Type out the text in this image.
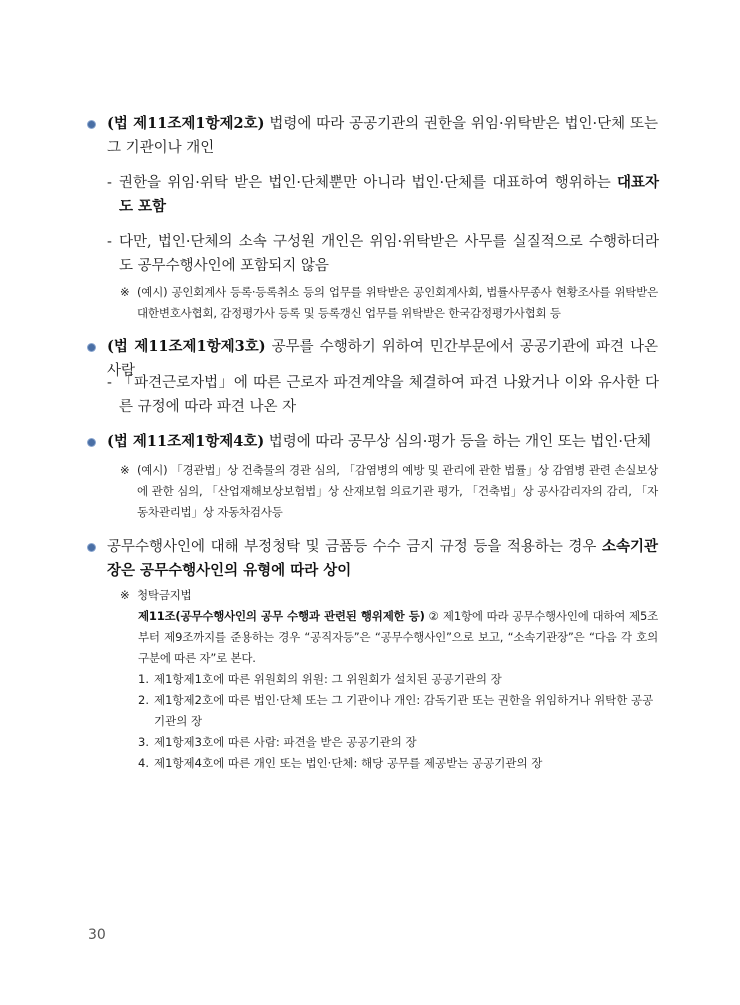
(법 제11조제1항제2호) 법령에 따라 공공기관의 권한을 위임·위탁받은 법인·단체 또는 그 기관이나 개인
- 권한을 위임·위탁 받은 법인·단체뿐만 아니라 법인·단체를 대표하여 행위하는 대표자도 포함
- 다만, 법인·단체의 소속 구성원 개인은 위임·위탁받은 사무를 실질적으로 수행하더라도 공무수행사인에 포함되지 않음
※ (예시) 공인회계사 등록·등록취소 등의 업무를 위탁받은 공인회계사회, 법률사무종사 현황조사를 위탁받은 대한변호사협회, 감정평가사 등록 및 등록갱신 업무를 위탁받은 한국감정평가사협회 등
(법 제11조제1항제3호) 공무를 수행하기 위하여 민간부문에서 공공기관에 파견 나온 사람
- 「파견근로자법」에 따른 근로자 파견계약을 체결하여 파견 나왔거나 이와 유사한 다른 규정에 따라 파견 나온 자
(법 제11조제1항제4호) 법령에 따라 공무상 심의·평가 등을 하는 개인 또는 법인·단체
※ (예시) 「경관법」상 건축물의 경관 심의, 「감염병의 예방 및 관리에 관한 법률」상 감염병 관련 손실보상에 관한 심의, 「산업재해보상보험법」상 산재보험 의료기관 평가, 「건축법」상 공사감리자의 감리, 「자동차관리법」상 자동차검사등
공무수행사인에 대해 부정청탁 및 금품등 수수 금지 규정 등을 적용하는 경우 소속기관장은 공무수행사인의 유형에 따라 상이
※ 청탁금지법
제11조(공무수행사인의 공무 수행과 관련된 행위제한 등) ② 제1항에 따라 공무수행사인에 대하여 제5조부터 제9조까지를 준용하는 경우 “공직자등”은 “공무수행사인”으로 보고, “소속기관장”은 “다음 각 호의 구분에 따른 자”로 본다.
1. 제1항제1호에 따른 위원회의 위원: 그 위원회가 설치된 공공기관의 장
2. 제1항제2호에 따른 법인·단체 또는 그 기관이나 개인: 감독기관 또는 권한을 위임하거나 위탁한 공공기관의 장
3. 제1항제3호에 따른 사람: 파견을 받은 공공기관의 장
4. 제1항제4호에 따른 개인 또는 법인·단체: 해당 공무를 제공받는 공공기관의 장
30
